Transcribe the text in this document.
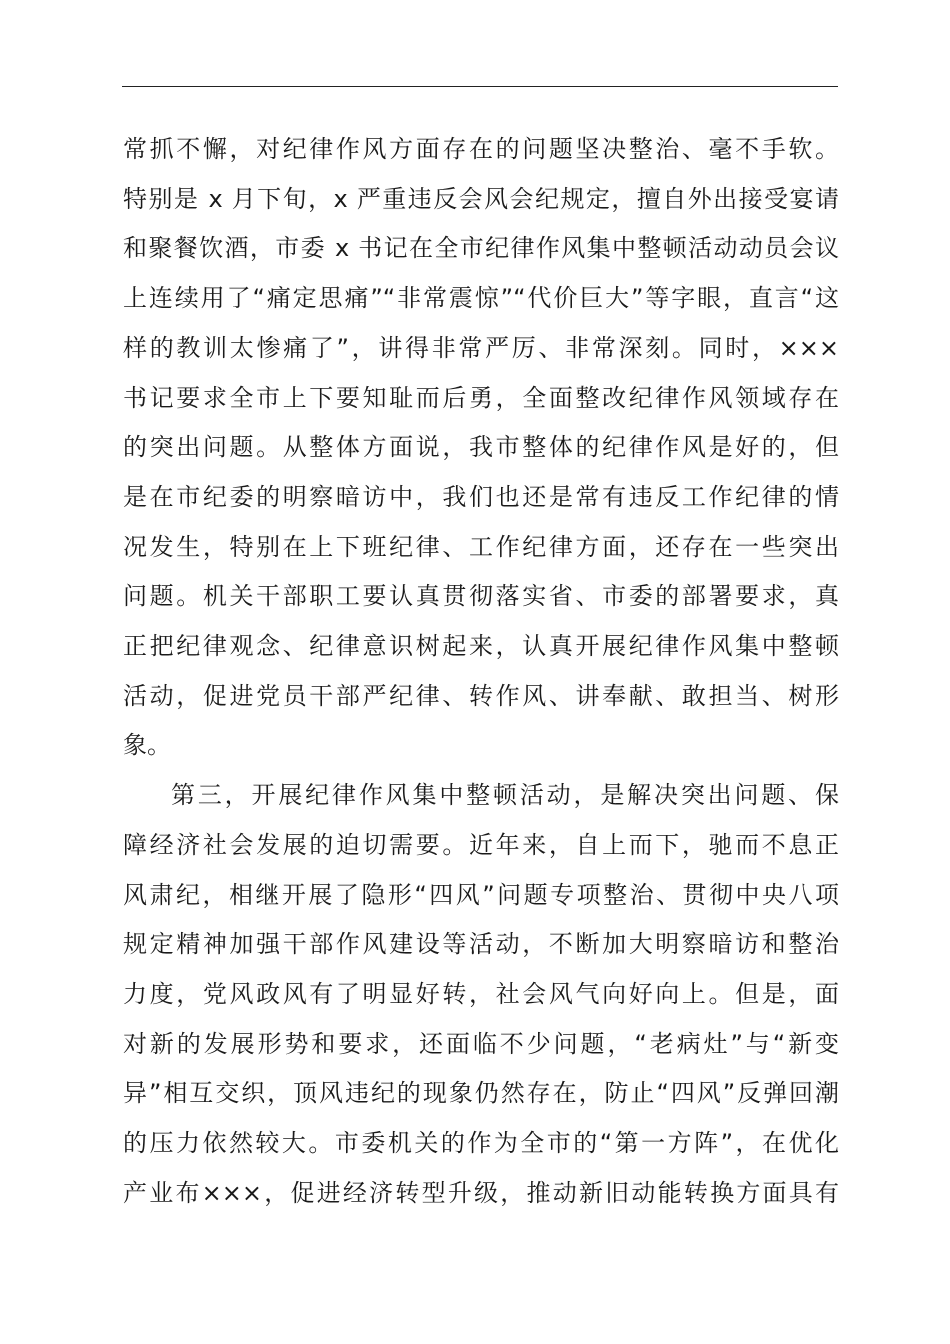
常抓不懈，对纪律作风方面存在的问题坚决整治、毫不手软。
特别是 x 月下旬，x 严重违反会风会纪规定，擅自外出接受宴请
和聚餐饮酒，市委 x 书记在全市纪律作风集中整顿活动动员会议
上连续用了“痛定思痛”“非常震惊”“代价巨大”等字眼，直言“这
样的教训太惨痛了”，讲得非常严厉、非常深刻。同时，×××
书记要求全市上下要知耻而后勇，全面整改纪律作风领域存在
的突出问题。从整体方面说，我市整体的纪律作风是好的，但
是在市纪委的明察暗访中，我们也还是常有违反工作纪律的情
况发生，特别在上下班纪律、工作纪律方面，还存在一些突出
问题。机关干部职工要认真贯彻落实省、市委的部署要求，真
正把纪律观念、纪律意识树起来，认真开展纪律作风集中整顿
活动，促进党员干部严纪律、转作风、讲奉献、敢担当、树形
象。
第三，开展纪律作风集中整顿活动，是解决突出问题、保
障经济社会发展的迫切需要。近年来，自上而下，驰而不息正
风肃纪，相继开展了隐形“四风”问题专项整治、贯彻中央八项
规定精神加强干部作风建设等活动，不断加大明察暗访和整治
力度，党风政风有了明显好转，社会风气向好向上。但是，面
对新的发展形势和要求，还面临不少问题，“老病灶”与“新变
异”相互交织，顶风违纪的现象仍然存在，防止“四风”反弹回潮
的压力依然较大。市委机关的作为全市的“第一方阵”，在优化
产业布×××，促进经济转型升级，推动新旧动能转换方面具有
